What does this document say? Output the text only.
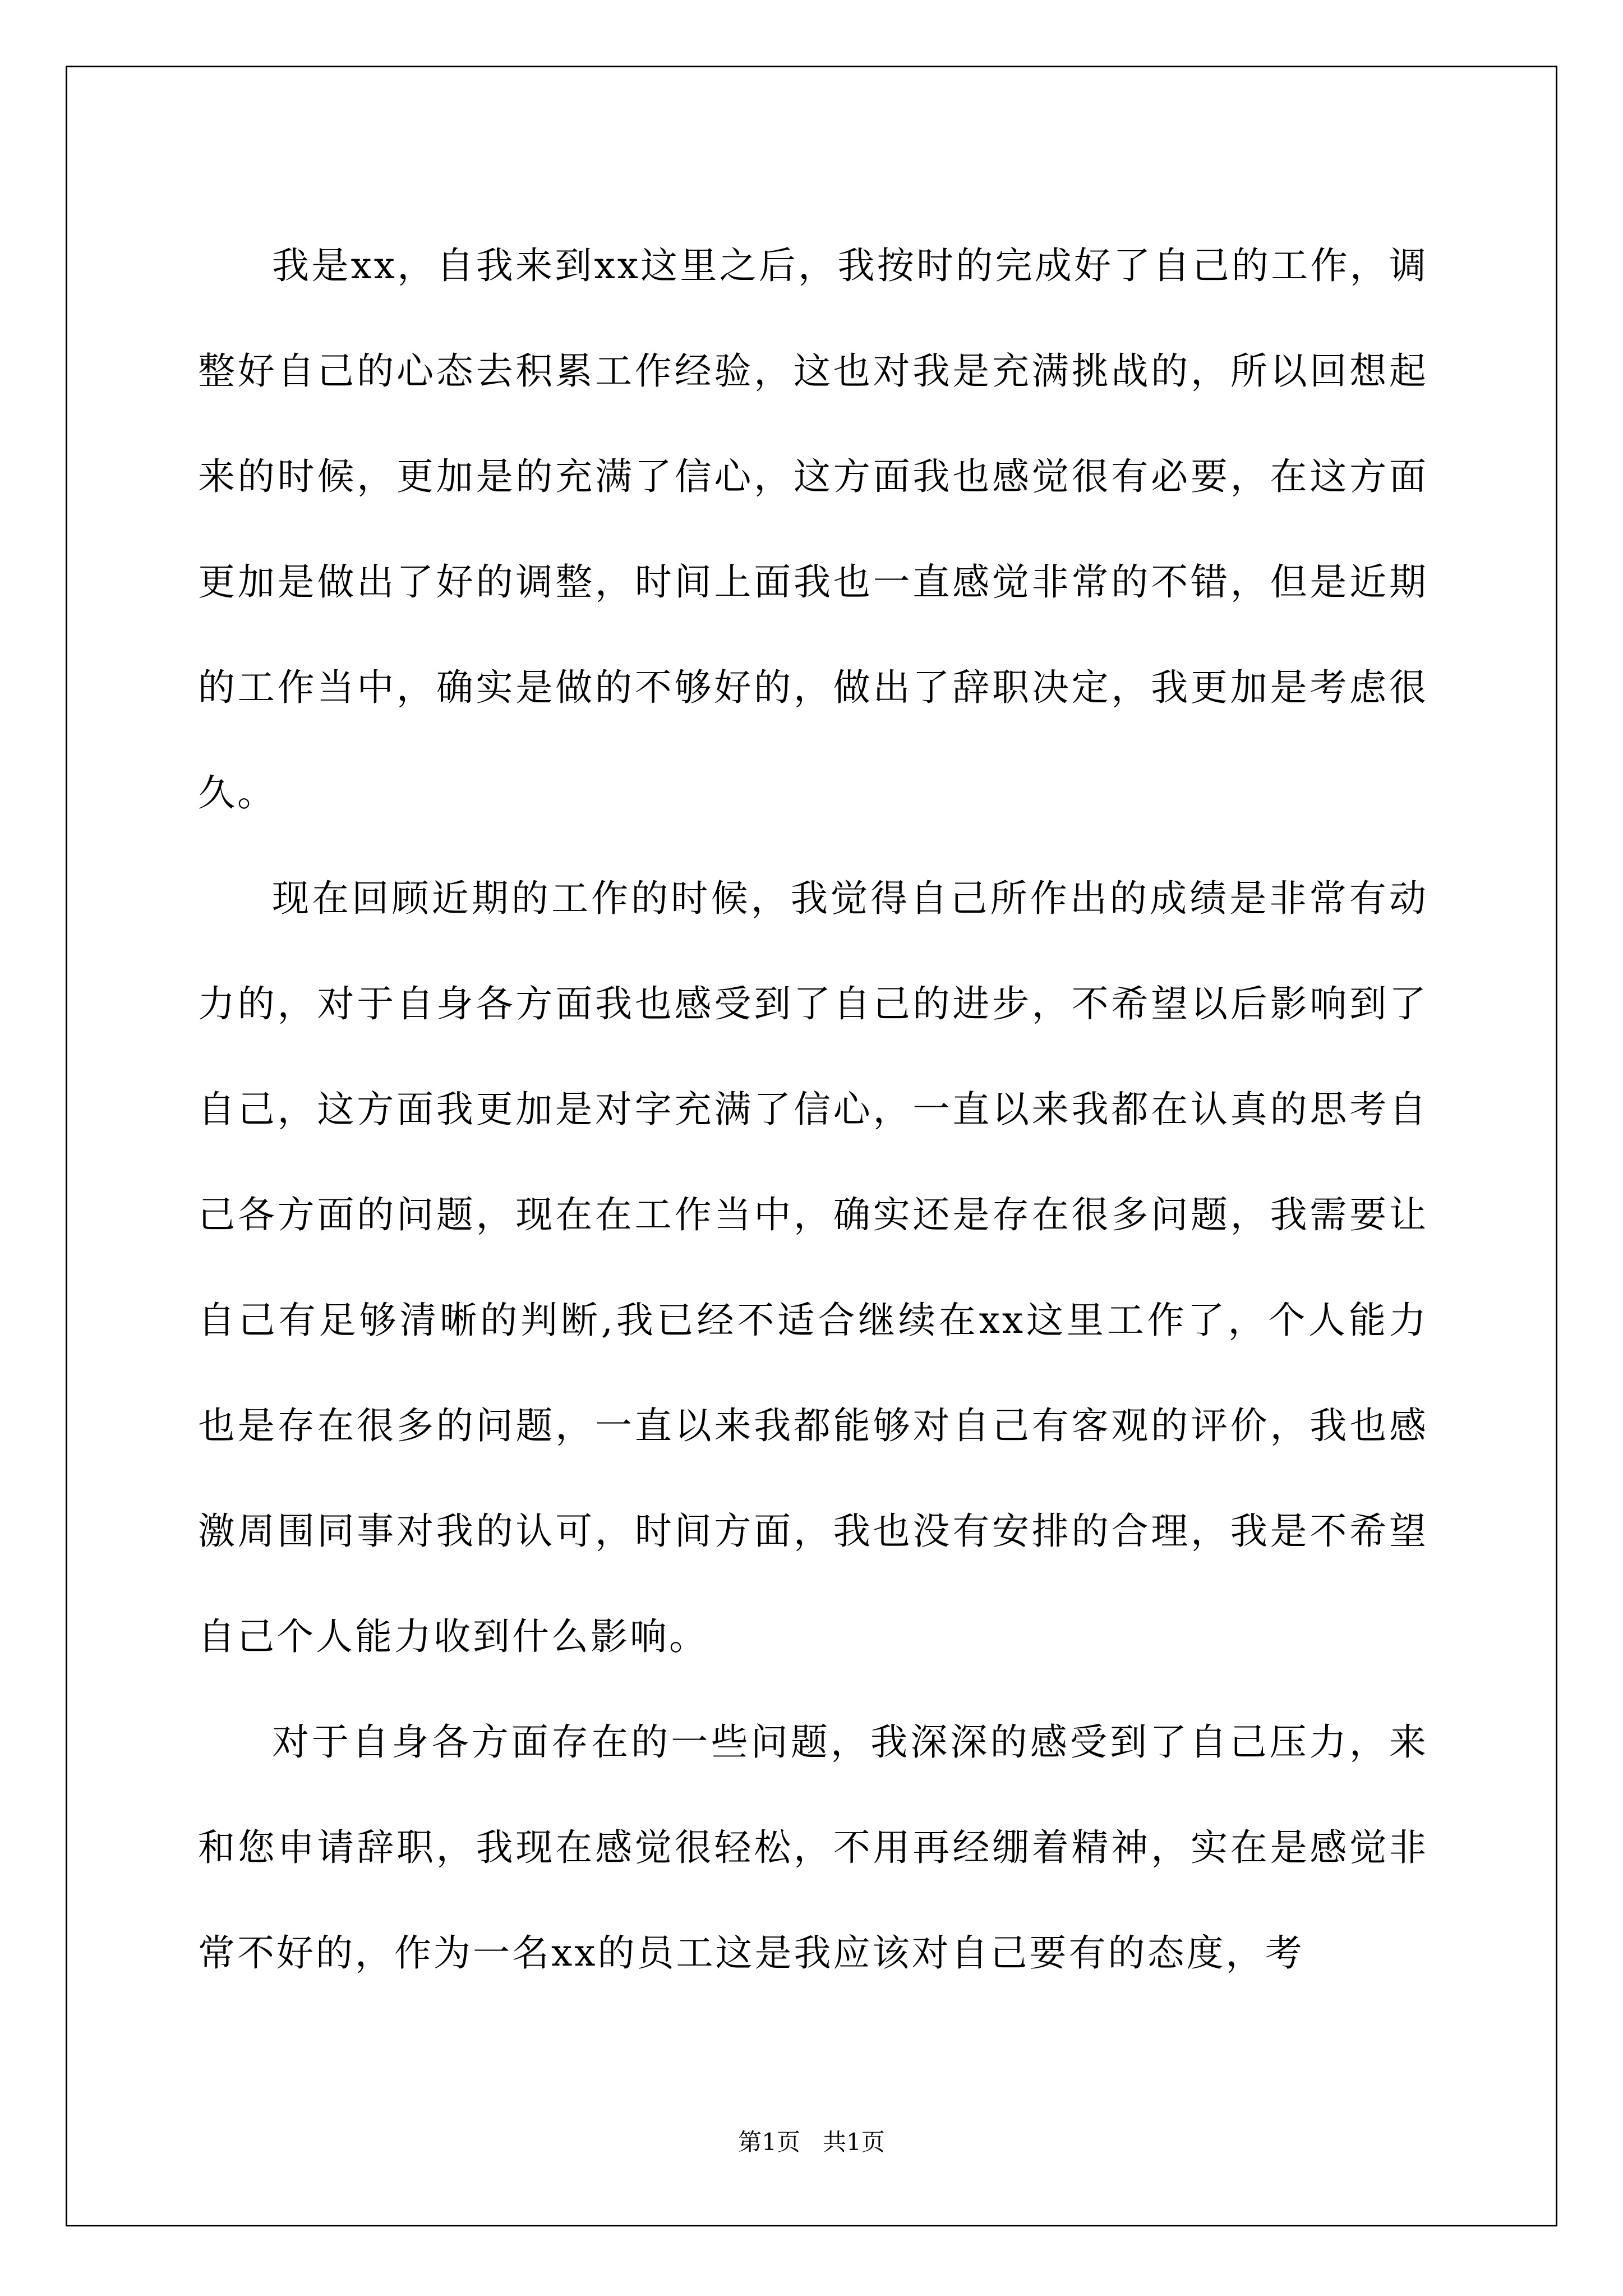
我是xx，自我来到xx这里之后，我按时的完成好了自己的工作，调整好自己的心态去积累工作经验，这也对我是充满挑战的，所以回想起来的时候，更加是的充满了信心，这方面我也感觉很有必要，在这方面更加是做出了好的调整，时间上面我也一直感觉非常的不错，但是近期的工作当中，确实是做的不够好的，做出了辞职决定，我更加是考虑很久。

现在回顾近期的工作的时候，我觉得自己所作出的成绩是非常有动力的，对于自身各方面我也感受到了自己的进步，不希望以后影响到了自己，这方面我更加是对字充满了信心，一直以来我都在认真的思考自己各方面的问题，现在在工作当中，确实还是存在很多问题，我需要让自己有足够清晰的判断,我已经不适合继续在xx这里工作了，个人能力也是存在很多的问题，一直以来我都能够对自己有客观的评价，我也感激周围同事对我的认可，时间方面，我也没有安排的合理，我是不希望自己个人能力收到什么影响。

对于自身各方面存在的一些问题，我深深的感受到了自己压力，来和您申请辞职，我现在感觉很轻松，不用再经绷着精神，实在是感觉非常不好的，作为一名xx的员工这是我应该对自己要有的态度，考

第1页   共1页
